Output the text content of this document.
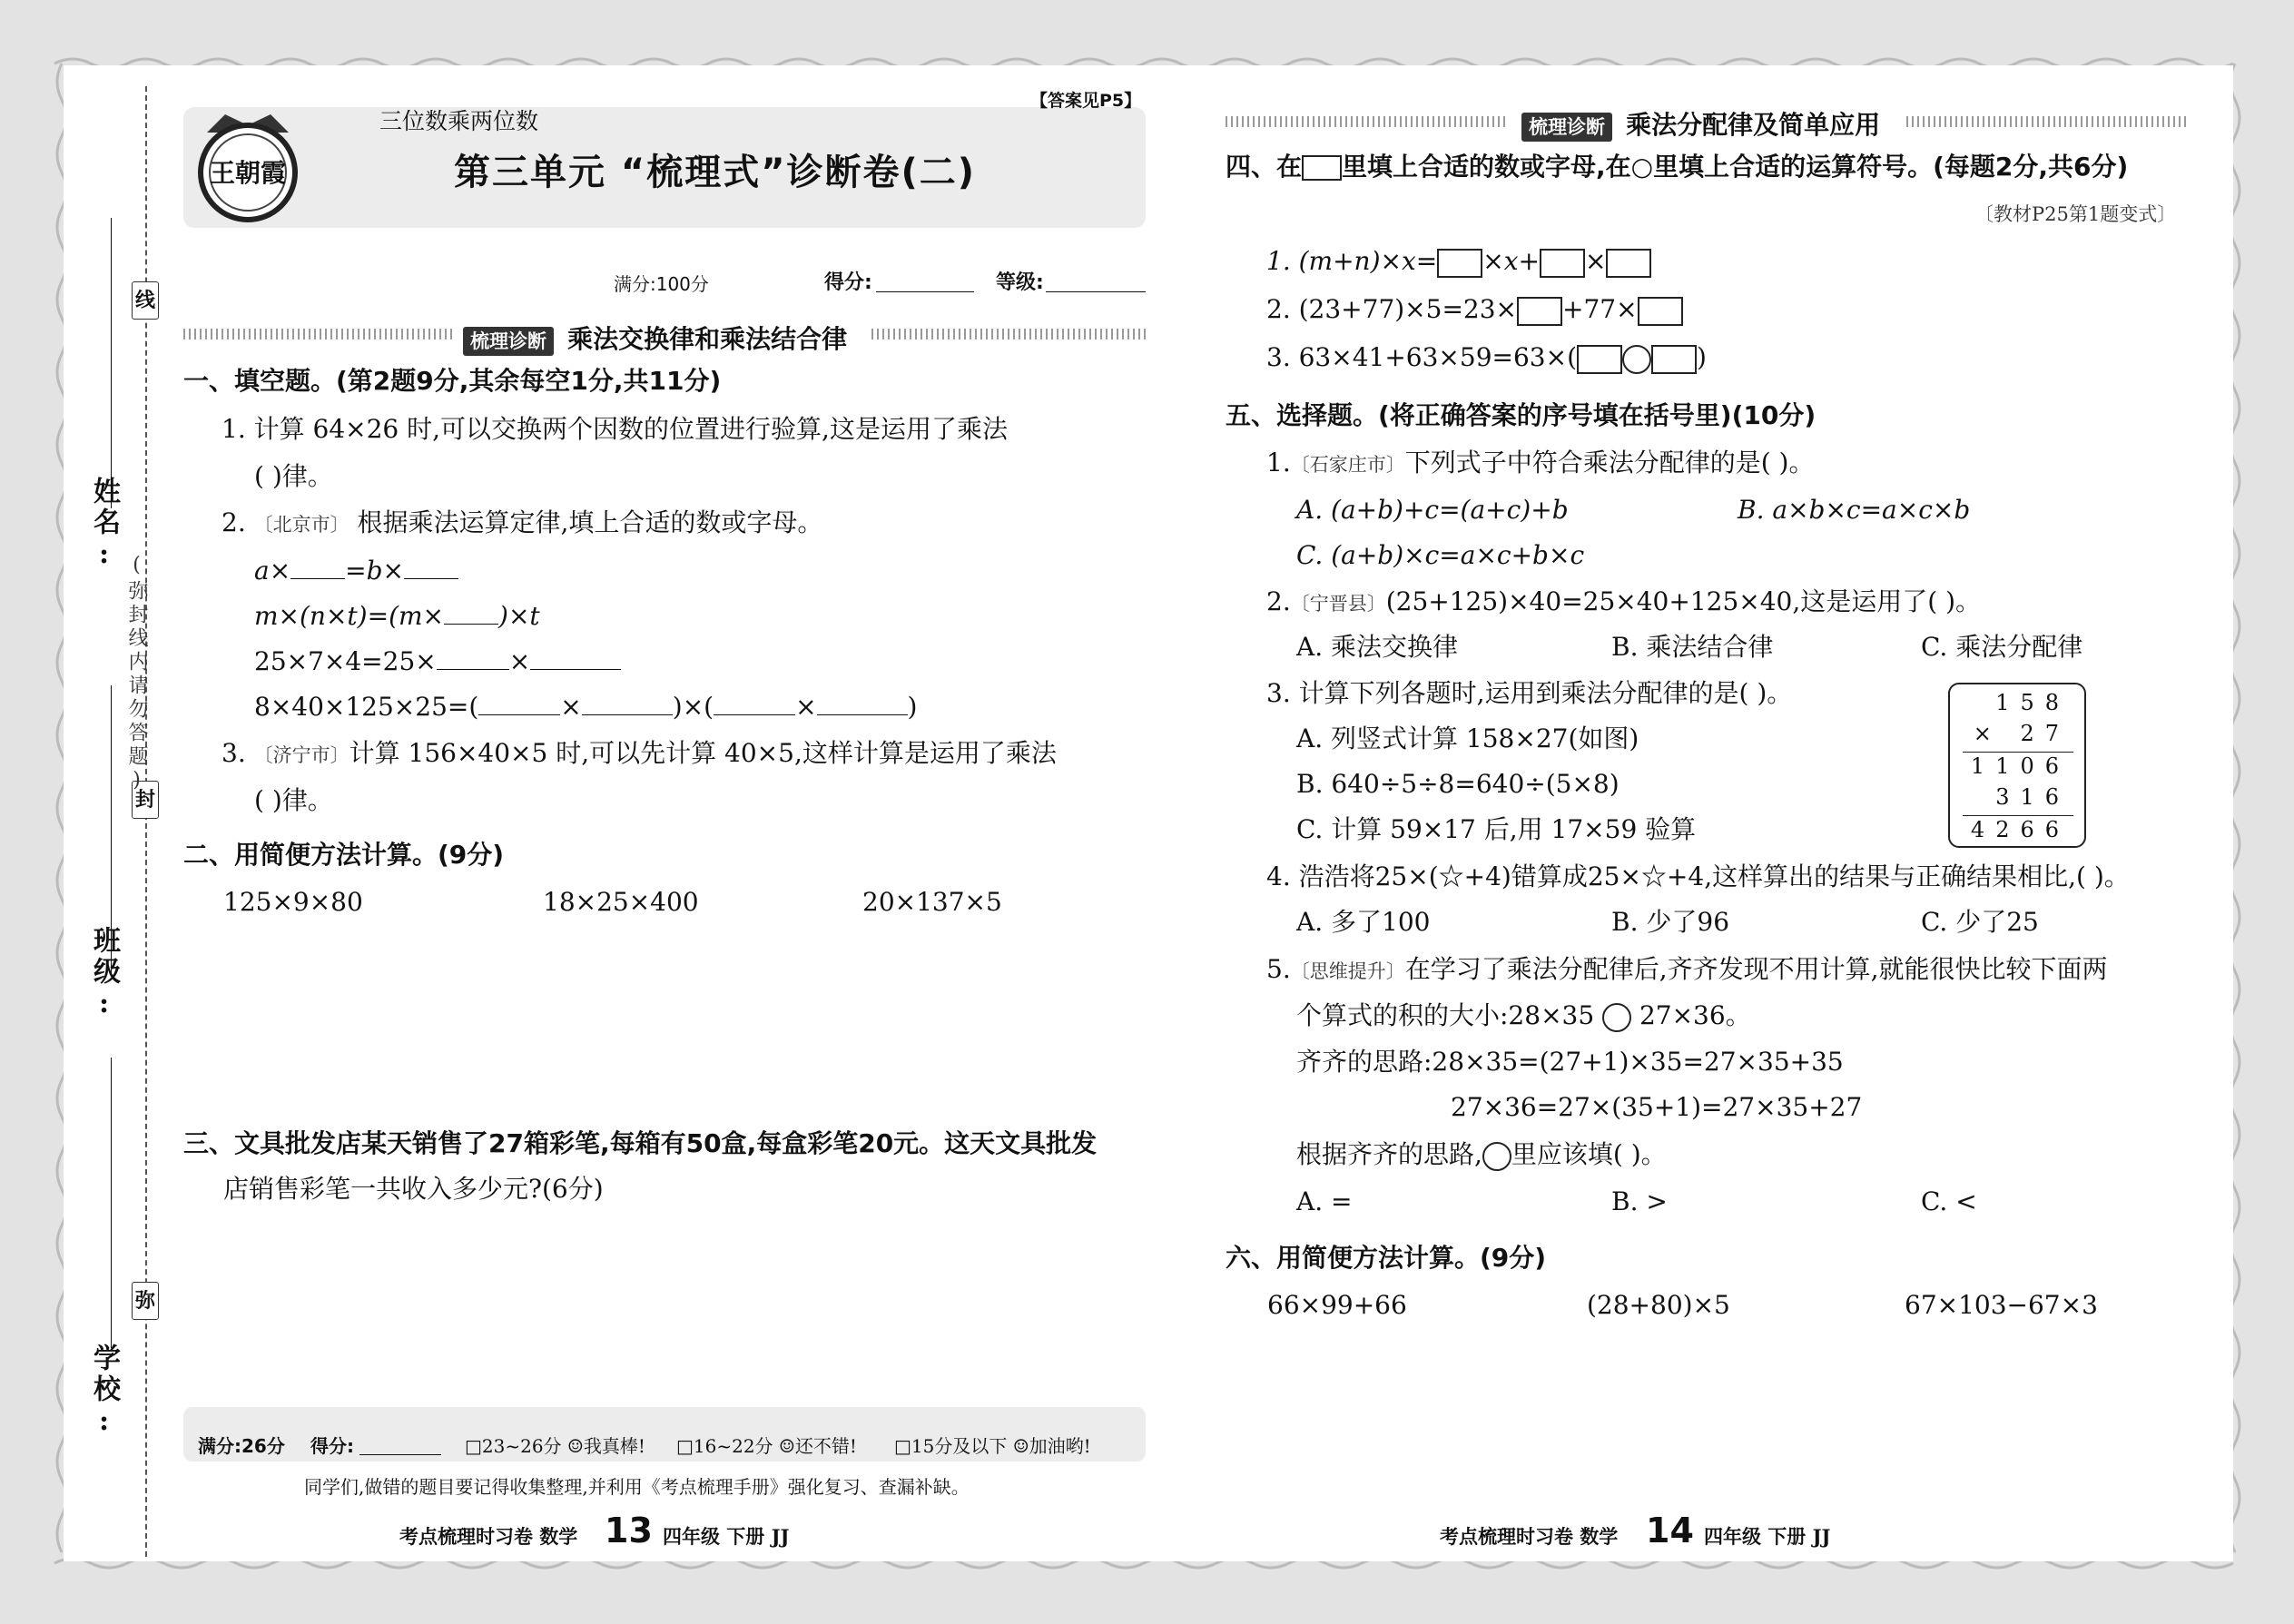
线
封
弥
(弥封线内请勿答题)
姓名:
班级:
学校:
王朝霞
三位数乘两位数
第三单元 “梳理式”诊断卷(二)
【答案见P5】
满分:100分	得分:	等级:
梳理诊断 乘法交换律和乘法结合律
一、填空题。(第2题9分,其余每空1分,共11分)
1. 计算 64×26 时,可以交换两个因数的位置进行验算,这是运用了乘法
( )律。
2. 〔北京市〕 根据乘法运算定律,填上合适的数或字母。
a× =b×
m×(n×t)=(m× )×t
25×7×4=25×	×
8×40×125×25=(	×	)×(	×	)
3. 〔济宁市〕计算 156×40×5 时,可以先计算 40×5,这样计算是运用了乘法
( )律。
二、用简便方法计算。(9分)
125×9×80	18×25×400	20×137×5
三、文具批发店某天销售了27箱彩笔,每箱有50盒,每盒彩笔20元。这天文具批发
店销售彩笔一共收入多少元?(6分)
满分:26分 得分:	□23~26分 ☺我真棒! □16~22分 ☺还不错! □15分及以下 ☺加油哟!
同学们,做错的题目要记得收集整理,并利用《考点梳理手册》强化复习、查漏补缺。
考点梳理时习卷 数学 13 四年级 下册 JJ
梳理诊断 乘法分配律及简单应用
四、在 里填上合适的数或字母,在○里填上合适的运算符号。(每题2分,共6分)
〔教材P25第1题变式〕
1. (m+n)×x= ×x+ ×
2. (23+77)×5=23× +77×
3. 63×41+63×59=63×(	)
五、选择题。(将正确答案的序号填在括号里)(10分)
1.〔石家庄市〕下列式子中符合乘法分配律的是( )。
A. (a+b)+c=(a+c)+b	B. a×b×c=a×c×b
C. (a+b)×c=a×c+b×c
2.〔宁晋县〕(25+125)×40=25×40+125×40,这是运用了( )。
A. 乘法交换律	B. 乘法结合律	C. 乘法分配律
3. 计算下列各题时,运用到乘法分配律的是( )。
A. 列竖式计算 158×27(如图)
B. 640÷5÷8=640÷(5×8)
C. 计算 59×17 后,用 17×59 验算
158
× 27
1106
316
4266
4. 浩浩将25×(☆+4)错算成25×☆+4,这样算出的结果与正确结果相比,( )。
A. 多了100	B. 少了96	C. 少了25
5.〔思维提升〕在学习了乘法分配律后,齐齐发现不用计算,就能很快比较下面两
个算式的积的大小:28×35 27×36。
齐齐的思路:28×35=(27+1)×35=27×35+35
27×36=27×(35+1)=27×35+27
根据齐齐的思路, 里应该填( )。
A. =	B. >	C. <
六、用简便方法计算。(9分)
66×99+66	(28+80)×5	67×103−67×3
考点梳理时习卷 数学 14 四年级 下册 JJ
